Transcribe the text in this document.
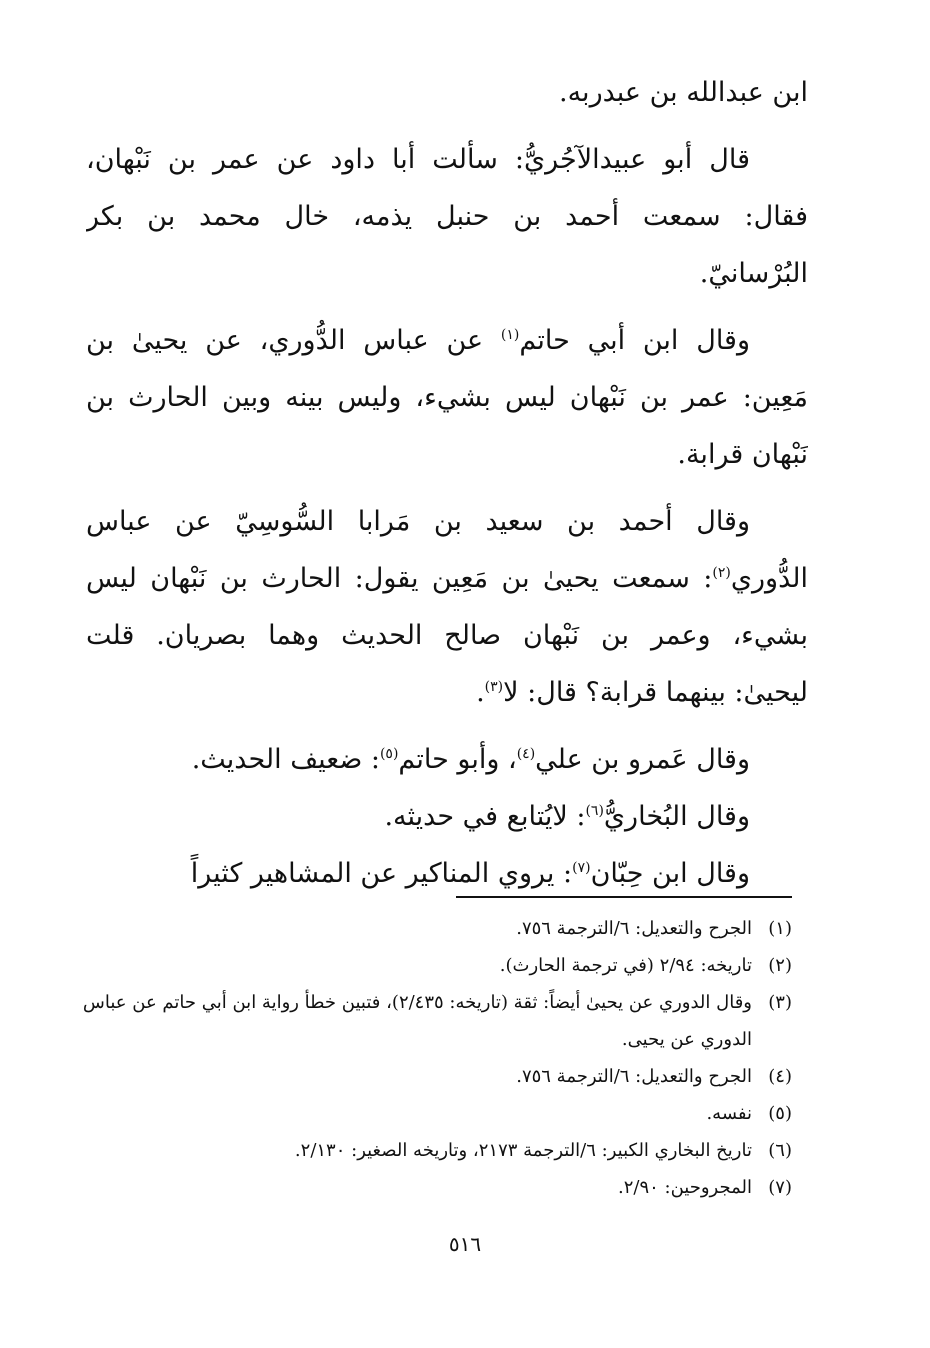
ابن عبدالله بن عبدربه.
قال أبو عبيدالآجُريُّ: سألت أبا داود عن عمر بن نَبْهان،
فقال: سمعت أحمد بن حنبل يذمه، خال محمد بن بكر
البُرْسانيّ.
وقال ابن أبي حاتم$^{(١)}$ عن عباس الدُّوري، عن يحيىٰ بن
مَعِين: عمر بن نَبْهان ليس بشيء، وليس بينه وبين الحارث بن
نَبْهان قرابة.
وقال أحمد بن سعيد بن مَرابا السُّوسِيّ عن عباس
الدُّوري$^{(٢)}$: سمعت يحيىٰ بن مَعِين يقول: الحارث بن نَبْهان ليس
بشيء، وعمر بن نَبْهان صالح الحديث وهما بصريان. قلت
ليحيىٰ: بينهما قرابة؟ قال: لا$^{(٣)}$.
وقال عَمرو بن علي$^{(٤)}$، وأبو حاتم$^{(٥)}$: ضعيف الحديث.
وقال البُخاريُّ$^{(٦)}$: لايُتابع في حديثه.
وقال ابن حِبّان$^{(٧)}$: يروي المناكير عن المشاهير كثيراً
(١)
الجرح والتعديل: ٦/الترجمة ٧٥٦.
(٢)
تاريخه: ٢/٩٤ (في ترجمة الحارث).
(٣)
وقال الدوري عن يحيىٰ أيضاً: ثقة (تاريخه: ٢/٤٣٥)، فتبين خطأ رواية ابن أبي حاتم عن عباس الدوري عن يحيى.
(٤)
الجرح والتعديل: ٦/الترجمة ٧٥٦.
(٥)
نفسه.
(٦)
تاريخ البخاري الكبير: ٦/الترجمة ٢١٧٣، وتاريخه الصغير: ٢/١٣٠.
(٧)
المجروحين: ٢/٩٠.
٥١٦
